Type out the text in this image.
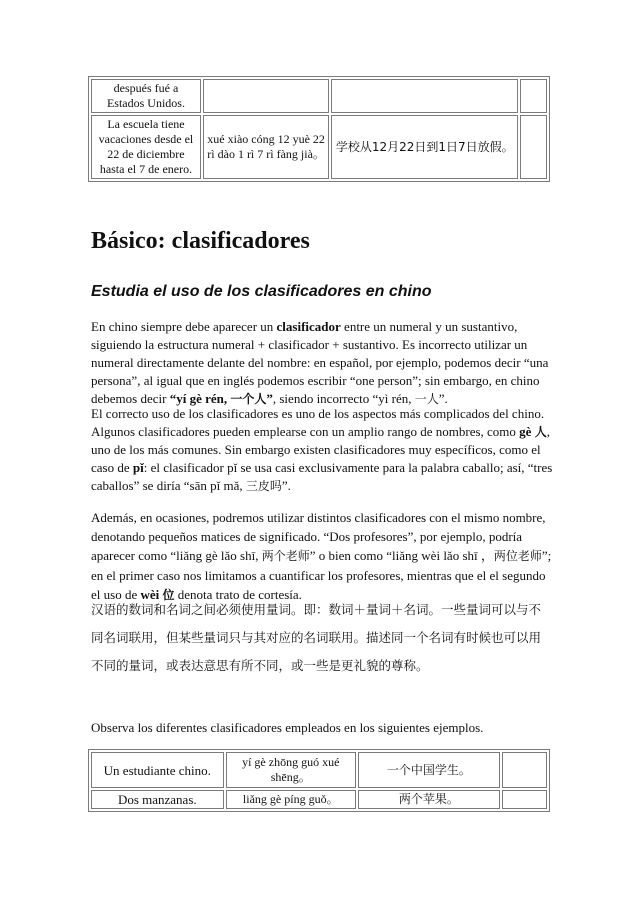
después fué a Estados Unidos.			
La escuela tiene vacaciones desde el 22 de diciembre hasta el 7 de enero.	xué xiào cóng 12 yuè 22 rì dào 1 rì 7 rì fàng jià。	学校从12月22日到1日7日放假。	
Básico: clasificadores
Estudia el uso de los clasificadores en chino

En chino siempre debe aparecer un clasificador entre un numeral y un sustantivo, siguiendo la estructura numeral + clasificador + sustantivo. Es incorrecto utilizar un numeral directamente delante del nombre: en español, por ejemplo, podemos decir “una persona”, al igual que en inglés podemos escribir “one person”; sin embargo, en chino debemos decir “yí gè rén, 一个人”, siendo incorrecto “yì rén, 一人”.

El correcto uso de los clasificadores es uno de los aspectos más complicados del chino. Algunos clasificadores pueden emplearse con un amplio rango de nombres, como gè 人, uno de los más comunes. Sin embargo existen clasificadores muy específicos, como el caso de pǐ: el clasificador pǐ se usa casi exclusivamente para la palabra caballo; así, “tres caballos” se diría “sān pǐ mǎ, 三皮吗”.

Además, en ocasiones, podremos utilizar distintos clasificadores con el mismo nombre, denotando pequeños matices de significado. “Dos profesores”, por ejemplo, podría aparecer como “liǎng gè lǎo shī, 两个老师” o bien como “liǎng wèi lǎo shī ，两位老师”; en el primer caso nos limitamos a cuantificar los profesores, mientras que el el segundo el uso de wèi 位 denota trato de cortesía.

汉语的数词和名词之间必须使用量词。即：数词＋量词＋名词。一些量词可以与不同名词联用，但某些量词只与其对应的名词联用。描述同一个名词有时候也可以用不同的量词，或表达意思有所不同，或一些是更礼貌的尊称。

Observa los diferentes clasificadores empleados en los siguientes ejemplos.

Un estudiante chino.	yí gè zhōng guó xué shēng。	一个中国学生。	
Dos manzanas.	liǎng gè píng guǒ。	两个苹果。	
